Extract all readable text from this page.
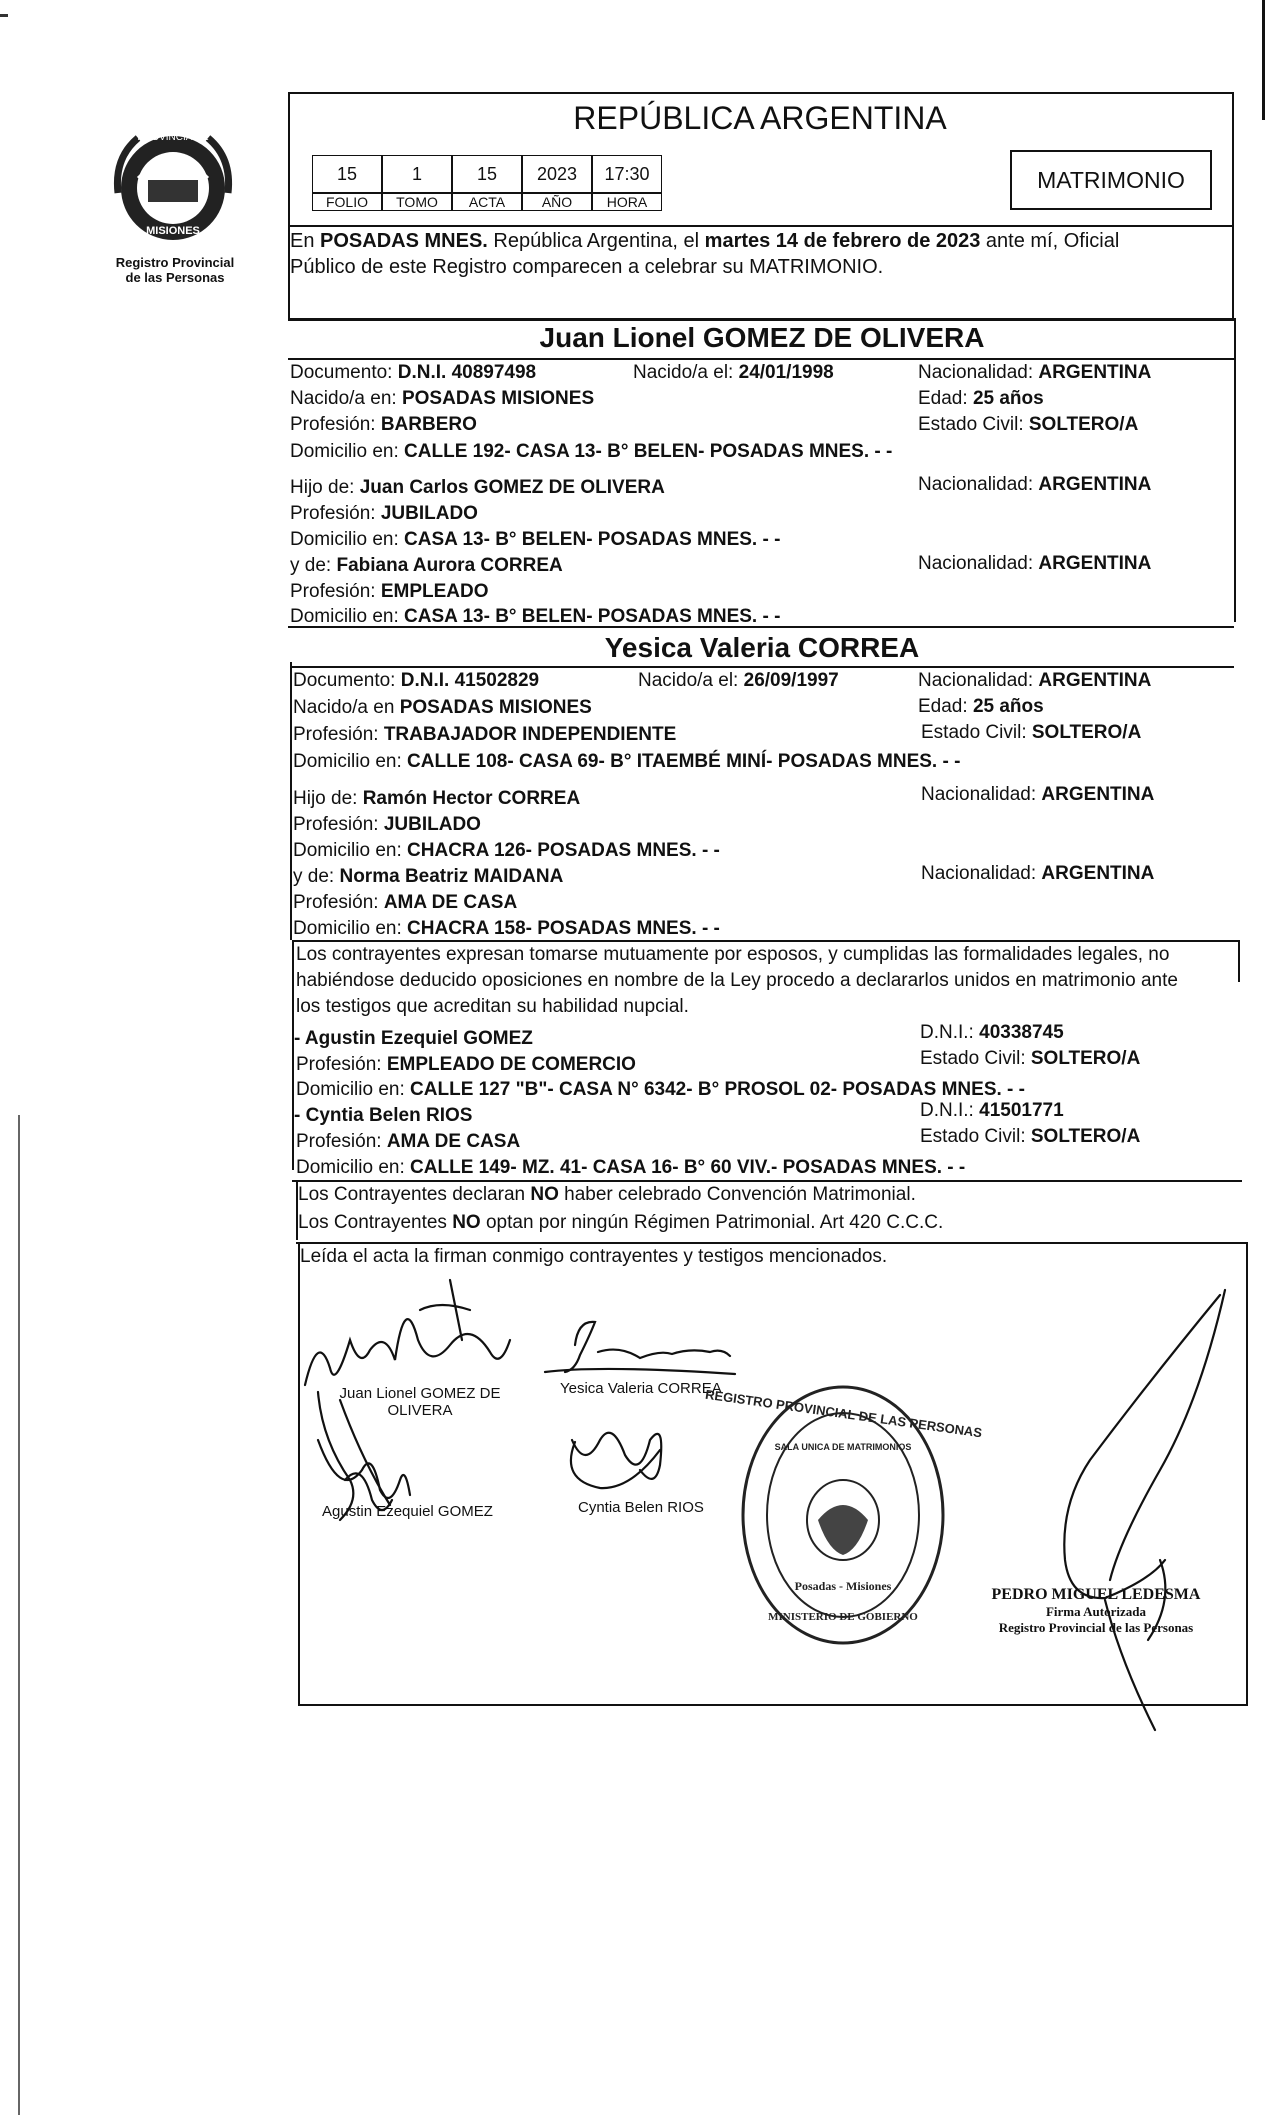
PROVINCIA DE
MISIONES
Registro Provincial
de las Personas
REPÚBLICA ARGENTINA
15	1	15	2023	17:30
FOLIO	TOMO	ACTA	AÑO	HORA
MATRIMONIO
En POSADAS MNES. República Argentina, el martes 14 de febrero de 2023 ante mí, Oficial
Público de este Registro comparecen a celebrar su MATRIMONIO.
Juan Lionel GOMEZ DE OLIVERA
Documento: D.N.I. 40897498	Nacido/a el: 24/01/1998	Nacionalidad: ARGENTINA
Nacido/a en: POSADAS MISIONES	Edad: 25 años
Profesión: BARBERO	Estado Civil: SOLTERO/A
Domicilio en: CALLE 192- CASA 13- B° BELEN- POSADAS MNES. - -
Hijo de: Juan Carlos GOMEZ DE OLIVERA	Nacionalidad: ARGENTINA
Profesión: JUBILADO
Domicilio en: CASA 13- B° BELEN- POSADAS MNES. - -
y de: Fabiana Aurora CORREA	Nacionalidad: ARGENTINA
Profesión: EMPLEADO
Domicilio en: CASA 13- B° BELEN- POSADAS MNES. - -
Yesica Valeria CORREA
Documento: D.N.I. 41502829	Nacido/a el: 26/09/1997	Nacionalidad: ARGENTINA
Nacido/a en POSADAS MISIONES	Edad: 25 años
Profesión: TRABAJADOR INDEPENDIENTE	Estado Civil: SOLTERO/A
Domicilio en: CALLE 108- CASA 69- B° ITAEMBÉ MINÍ- POSADAS MNES. - -
Hijo de: Ramón Hector CORREA	Nacionalidad: ARGENTINA
Profesión: JUBILADO
Domicilio en: CHACRA 126- POSADAS MNES. - -
y de: Norma Beatriz MAIDANA	Nacionalidad: ARGENTINA
Profesión: AMA DE CASA
Domicilio en: CHACRA 158- POSADAS MNES. - -
Los contrayentes expresan tomarse mutuamente por esposos, y cumplidas las formalidades legales, no
habiéndose deducido oposiciones en nombre de la Ley procedo a declararlos unidos en matrimonio ante
los testigos que acreditan su habilidad nupcial.
- Agustin Ezequiel GOMEZ	D.N.I.: 40338745
Profesión: EMPLEADO DE COMERCIO	Estado Civil: SOLTERO/A
Domicilio en: CALLE 127 "B"- CASA N° 6342- B° PROSOL 02- POSADAS MNES. - -
- Cyntia Belen RIOS	D.N.I.: 41501771
Profesión: AMA DE CASA	Estado Civil: SOLTERO/A
Domicilio en: CALLE 149- MZ. 41- CASA 16- B° 60 VIV.- POSADAS MNES. - -
Los Contrayentes declaran NO haber celebrado Convención Matrimonial.
Los Contrayentes NO optan por ningún Régimen Patrimonial. Art 420 C.C.C.
Leída el acta la firman conmigo contrayentes y testigos mencionados.
Juan Lionel GOMEZ DE
OLIVERA
Yesica Valeria CORREA
Agustin Ezequiel GOMEZ	Cyntia Belen RIOS
REGISTRO PROVINCIAL DE LAS PERSONAS
SALA UNICA DE MATRIMONIOS
Posadas - Misiones
MINISTERIO DE GOBIERNO
PEDRO MIGUEL LEDESMA
Firma Autorizada
Registro Provincial de las Personas
